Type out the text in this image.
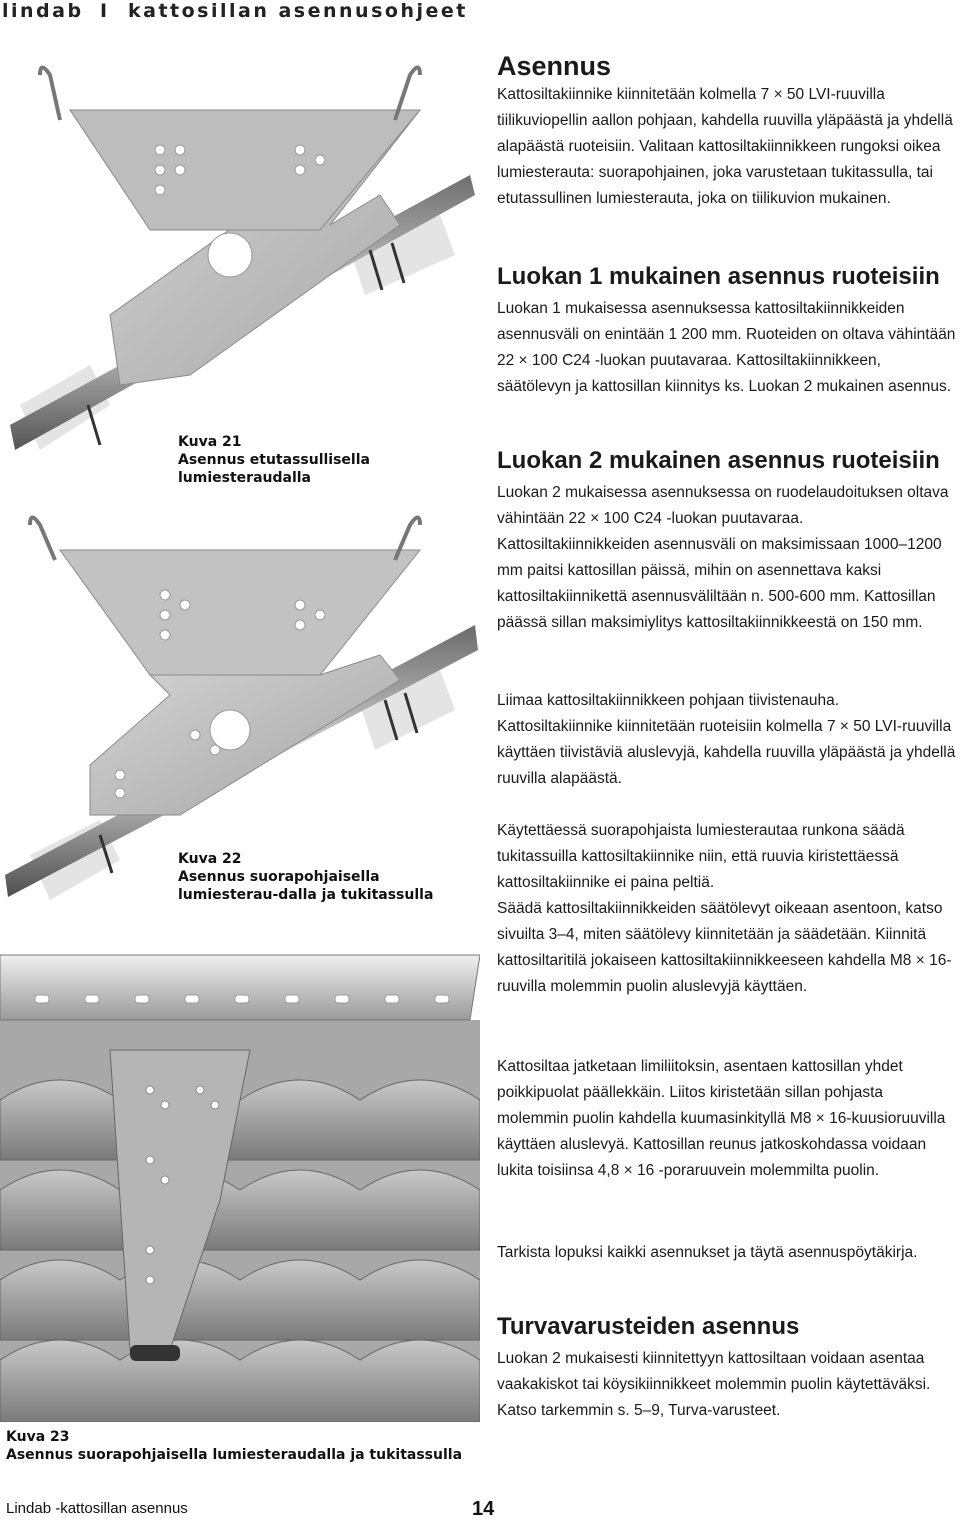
lindab I kattosillan asennusohjeet
Kuva 21
Asennus etutassullisella lumiesteraudalla
Kuva 22
Asennus suorapohjaisella lumiesterau-dalla ja tukitassulla
Kuva 23
Asennus suorapohjaisella lumiesteraudalla ja tukitassulla
Asennus

Kattosiltakiinnike kiinnitetään kolmella 7 × 50 LVI-ruuvilla tiilikuviopellin aallon pohjaan, kahdella ruuvilla yläpäästä ja yhdellä alapäästä ruoteisiin. Valitaan kattosiltakiinnikkeen rungoksi oikea lumiesterauta: suorapohjainen, joka varustetaan tukitassulla, tai etutassullinen lumiesterauta, joka on tiilikuvion mukainen.

Luokan 1 mukainen asennus ruoteisiin

Luokan 1 mukaisessa asennuksessa kattosiltakiinnikkeiden asennusväli on enintään 1 200 mm. Ruoteiden on oltava vähintään 22 × 100 C24 -luokan puutavaraa. Kattosiltakiinnikkeen, säätölevyn ja kattosillan kiinnitys ks. Luokan 2 mukainen asennus.

Luokan 2 mukainen asennus ruoteisiin

Luokan 2 mukaisessa asennuksessa on ruodelaudoituksen oltava vähintään 22 × 100 C24 -luokan puutavaraa. Kattosiltakiinnikkeiden asennusväli on maksimissaan 1000–1200 mm paitsi kattosillan päissä, mihin on asennettava kaksi kattosiltakiinnikettä asennusväliltään n. 500-600 mm. Kattosillan päässä sillan maksimiylitys kattosiltakiinnikkeestä on 150 mm.

Liimaa kattosiltakiinnikkeen pohjaan tiivistenauha. Kattosiltakiinnike kiinnitetään ruoteisiin kolmella 7 × 50 LVI-ruuvilla käyttäen tiivistäviä aluslevyjä, kahdella ruuvilla yläpäästä ja yhdellä ruuvilla alapäästä.

Käytettäessä suorapohjaista lumiesterautaa runkona säädä tukitassuilla kattosiltakiinnike niin, että ruuvia kiristettäessä kattosiltakiinnike ei paina peltiä.

Säädä kattosiltakiinnikkeiden säätölevyt oikeaan asentoon, katso sivuilta 3–4, miten säätölevy kiinnitetään ja säädetään. Kiinnitä kattosiltaritilä jokaiseen kattosiltakiinnikkeeseen kahdella M8 × 16-ruuvilla molemmin puolin aluslevyjä käyttäen.

Kattosiltaa jatketaan limiliitoksin, asentaen kattosillan yhdet poikkipuolat päällekkäin. Liitos kiristetään sillan pohjasta molemmin puolin kahdella kuumasinkityllä M8 × 16-kuusioruuvilla käyttäen aluslevyä. Kattosillan reunus jatkoskohdassa voidaan lukita toisiinsa 4,8 × 16 -poraruuvein molemmilta puolin.

Tarkista lopuksi kaikki asennukset ja täytä asennuspöytäkirja.

Turvavarusteiden asennus

Luokan 2 mukaisesti kiinnitettyyn kattosiltaan voidaan asentaa vaakakiskot tai köysikiinnikkeet molemmin puolin käytettäväksi. Katso tarkemmin s. 5–9, Turva-varusteet.

Lindab -kattosillan asennus	14
